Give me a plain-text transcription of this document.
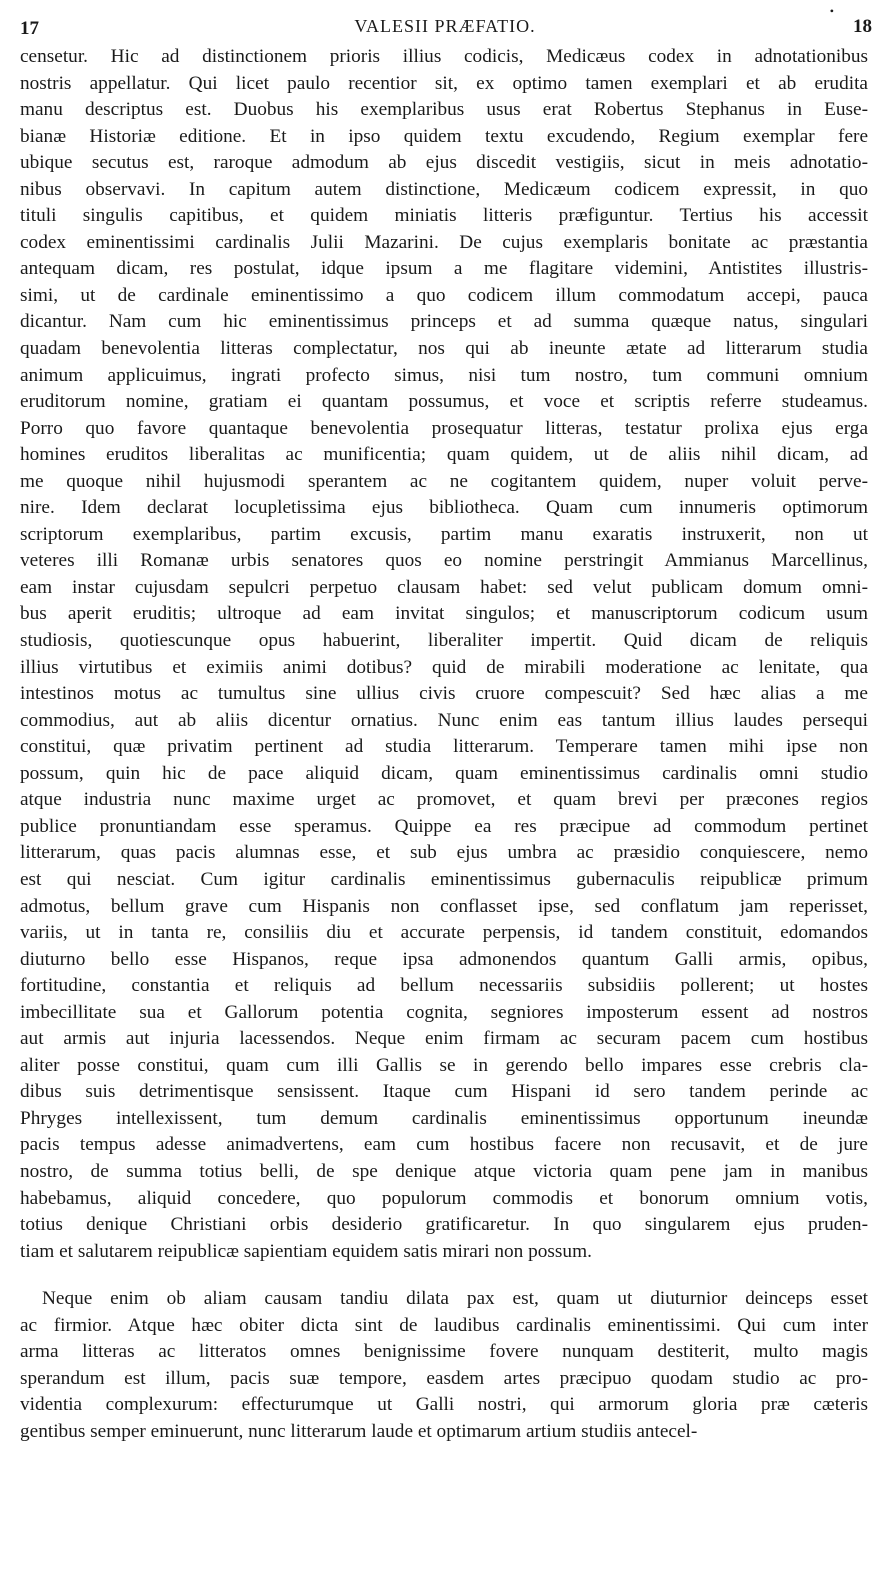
17	VALESII PRÆFATIO.
•
18
censetur. Hic ad distinctionem prioris illius codicis, Medicæus codex in adnotationibus
nostris appellatur. Qui licet paulo recentior sit, ex optimo tamen exemplari et ab erudita
manu descriptus est. Duobus his exemplaribus usus erat Robertus Stephanus in Euse-
bianæ Historiæ editione. Et in ipso quidem textu excudendo, Regium exemplar fere
ubique secutus est, raroque admodum ab ejus discedit vestigiis, sicut in meis adnotatio-
nibus observavi. In capitum autem distinctione, Medicæum codicem expressit, in quo
tituli singulis capitibus, et quidem miniatis litteris præfiguntur. Tertius his accessit
codex eminentissimi cardinalis Julii Mazarini. De cujus exemplaris bonitate ac præstantia
antequam dicam, res postulat, idque ipsum a me flagitare videmini, Antistites illustris-
simi, ut de cardinale eminentissimo a quo codicem illum commodatum accepi, pauca
dicantur. Nam cum hic eminentissimus princeps et ad summa quæque natus, singulari
quadam benevolentia litteras complectatur, nos qui ab ineunte ætate ad litterarum studia
animum applicuimus, ingrati profecto simus, nisi tum nostro, tum communi omnium
eruditorum nomine, gratiam ei quantam possumus, et voce et scriptis referre studeamus.
Porro quo favore quantaque benevolentia prosequatur litteras, testatur prolixa ejus erga
homines eruditos liberalitas ac munificentia; quam quidem, ut de aliis nihil dicam, ad
me quoque nihil hujusmodi sperantem ac ne cogitantem quidem, nuper voluit perve-
nire. Idem declarat locupletissima ejus bibliotheca. Quam cum innumeris optimorum
scriptorum exemplaribus, partim excusis, partim manu exaratis instruxerit, non ut
veteres illi Romanæ urbis senatores quos eo nomine perstringit Ammianus Marcellinus,
eam instar cujusdam sepulcri perpetuo clausam habet: sed velut publicam domum omni-
bus aperit eruditis; ultroque ad eam invitat singulos; et manuscriptorum codicum usum
studiosis, quotiescunque opus habuerint, liberaliter impertit. Quid dicam de reliquis
illius virtutibus et eximiis animi dotibus? quid de mirabili moderatione ac lenitate, qua
intestinos motus ac tumultus sine ullius civis cruore compescuit? Sed hæc alias a me
commodius, aut ab aliis dicentur ornatius. Nunc enim eas tantum illius laudes persequi
constitui, quæ privatim pertinent ad studia litterarum. Temperare tamen mihi ipse non
possum, quin hic de pace aliquid dicam, quam eminentissimus cardinalis omni studio
atque industria nunc maxime urget ac promovet, et quam brevi per præcones regios
publice pronuntiandam esse speramus. Quippe ea res præcipue ad commodum pertinet
litterarum, quas pacis alumnas esse, et sub ejus umbra ac præsidio conquiescere, nemo
est qui nesciat. Cum igitur cardinalis eminentissimus gubernaculis reipublicæ primum
admotus, bellum grave cum Hispanis non conflasset ipse, sed conflatum jam reperisset,
variis, ut in tanta re, consiliis diu et accurate perpensis, id tandem constituit, edomandos
diuturno bello esse Hispanos, reque ipsa admonendos quantum Galli armis, opibus,
fortitudine, constantia et reliquis ad bellum necessariis subsidiis pollerent; ut hostes
imbecillitate sua et Gallorum potentia cognita, segniores imposterum essent ad nostros
aut armis aut injuria lacessendos. Neque enim firmam ac securam pacem cum hostibus
aliter posse constitui, quam cum illi Gallis se in gerendo bello impares esse crebris cla-
dibus suis detrimentisque sensissent. Itaque cum Hispani id sero tandem perinde ac
Phryges intellexissent, tum demum cardinalis eminentissimus opportunum ineundæ
pacis tempus adesse animadvertens, eam cum hostibus facere non recusavit, et de jure
nostro, de summa totius belli, de spe denique atque victoria quam pene jam in manibus
habebamus, aliquid concedere, quo populorum commodis et bonorum omnium votis,
totius denique Christiani orbis desiderio gratificaretur. In quo singularem ejus pruden-
tiam et salutarem reipublicæ sapientiam equidem satis mirari non possum.
Neque enim ob aliam causam tandiu dilata pax est, quam ut diuturnior deinceps esset
ac firmior. Atque hæc obiter dicta sint de laudibus cardinalis eminentissimi. Qui cum inter
arma litteras ac litteratos omnes benignissime fovere nunquam destiterit, multo magis
sperandum est illum, pacis suæ tempore, easdem artes præcipuo quodam studio ac pro-
videntia complexurum: effecturumque ut Galli nostri, qui armorum gloria præ cæteris
gentibus semper eminuerunt, nunc litterarum laude et optimarum artium studiis antecel-
